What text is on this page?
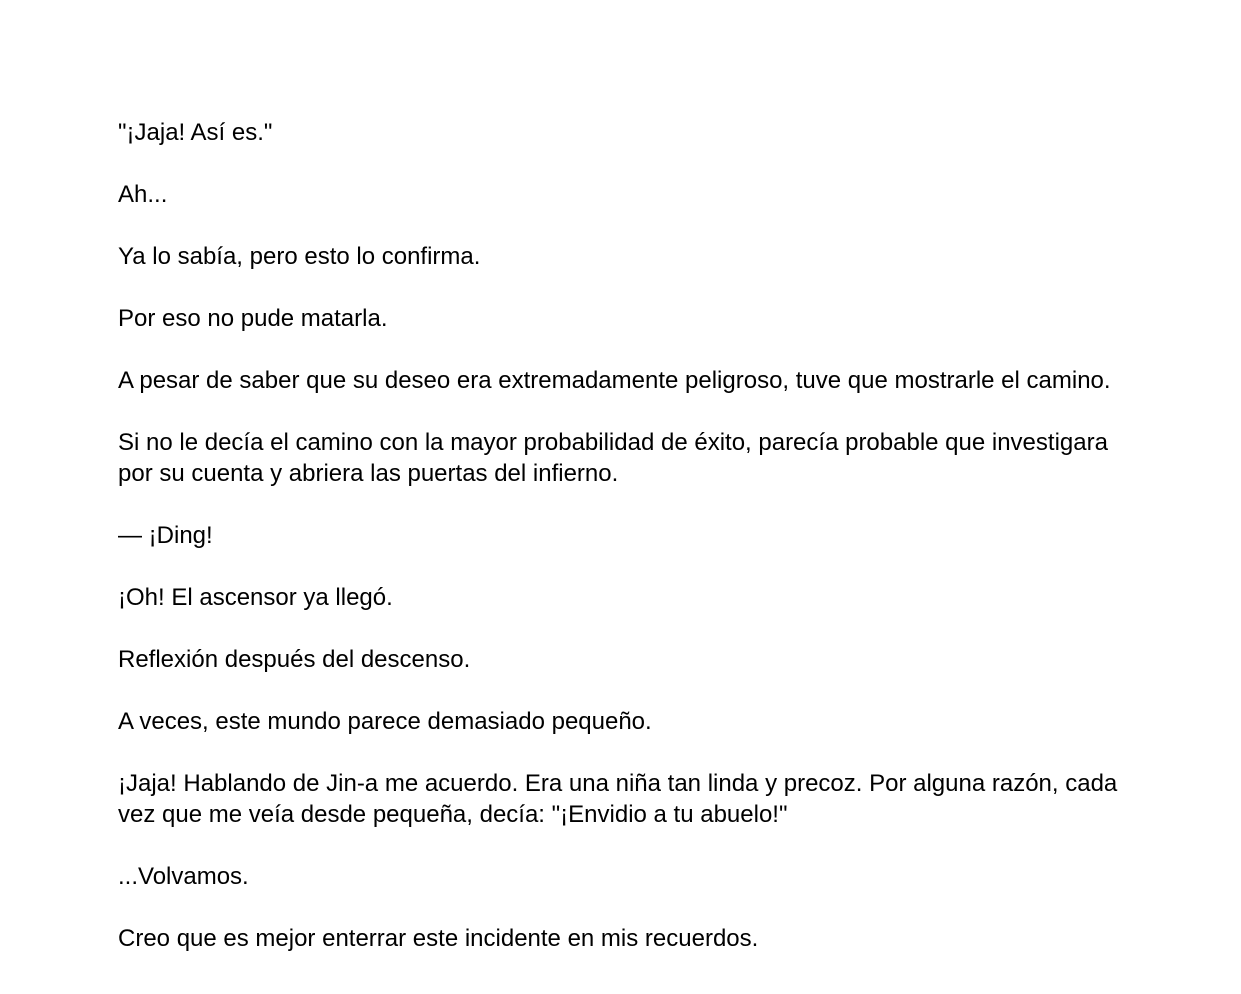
"¡Jaja! Así es."

Ah...

Ya lo sabía, pero esto lo confirma.

Por eso no pude matarla.

A pesar de saber que su deseo era extremadamente peligroso, tuve que mostrarle el camino.

Si no le decía el camino con la mayor probabilidad de éxito, parecía probable que investigara por su cuenta y abriera las puertas del infierno.

— ¡Ding!

¡Oh! El ascensor ya llegó.

Reflexión después del descenso.

A veces, este mundo parece demasiado pequeño.

¡Jaja! Hablando de Jin-a me acuerdo. Era una niña tan linda y precoz. Por alguna razón, cada vez que me veía desde pequeña, decía: "¡Envidio a tu abuelo!"

...Volvamos.

Creo que es mejor enterrar este incidente en mis recuerdos.
